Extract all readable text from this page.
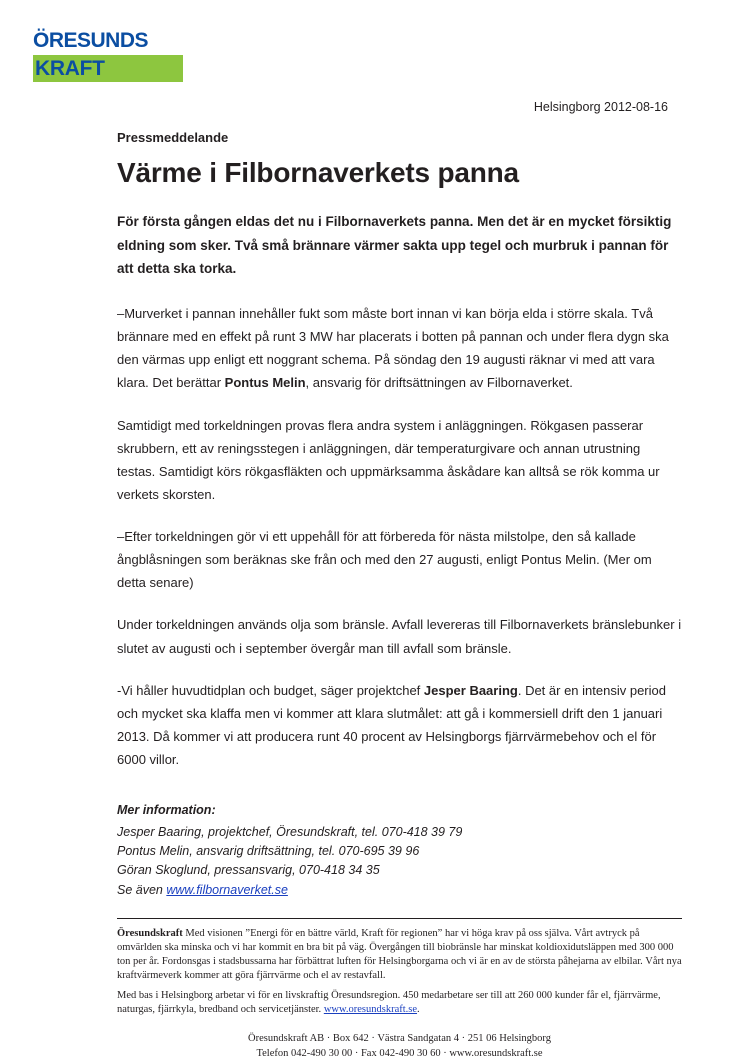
ÖRESUNDS
KRAFT
Helsingborg 2012-08-16
Pressmeddelande
Värme i Filbornaverkets panna

För första gången eldas det nu i Filbornaverkets panna. Men det är en mycket försiktig eldning som sker. Två små brännare värmer sakta upp tegel och murbruk i pannan för att detta ska torka.

–Murverket i pannan innehåller fukt som måste bort innan vi kan börja elda i större skala. Två brännare med en effekt på runt 3 MW har placerats i botten på pannan och under flera dygn ska den värmas upp enligt ett noggrant schema. På söndag den 19 augusti räknar vi med att vara klara. Det berättar Pontus Melin, ansvarig för driftsättningen av Filbornaverket.

Samtidigt med torkeldningen provas flera andra system i anläggningen. Rökgasen passerar skrubbern, ett av reningsstegen i anläggningen, där temperaturgivare och annan utrustning testas. Samtidigt körs rökgasfläkten och uppmärksamma åskådare kan alltså se rök komma ur verkets skorsten.

–Efter torkeldningen gör vi ett uppehåll för att förbereda för nästa milstolpe, den så kallade ångblåsningen som beräknas ske från och med den 27 augusti, enligt Pontus Melin. (Mer om detta senare)

Under torkeldningen används olja som bränsle. Avfall levereras till Filbornaverkets bränslebunker i slutet av augusti och i september övergår man till avfall som bränsle.

-Vi håller huvudtidplan och budget, säger projektchef Jesper Baaring. Det är en intensiv period och mycket ska klaffa men vi kommer att klara slutmålet: att gå i kommersiell drift den 1 januari 2013. Då kommer vi att producera runt 40 procent av Helsingborgs fjärrvärmebehov och el för 6000 villor.

Mer information:
Jesper Baaring, projektchef, Öresundskraft, tel. 070-418 39 79
Pontus Melin, ansvarig driftsättning, tel. 070-695 39 96
Göran Skoglund, pressansvarig, 070-418 34 35
Se även www.filbornaverket.se

Öresundskraft Med visionen ”Energi för en bättre värld, Kraft för regionen” har vi höga krav på oss själva. Vårt avtryck på omvärlden ska minska och vi har kommit en bra bit på väg. Övergången till biobränsle har minskat koldioxidutsläppen med 300 000 ton per år. Fordonsgas i stadsbussarna har förbättrat luften för Helsingborgarna och vi är en av de största påhejarna av elbilar. Vårt nya kraftvärmeverk kommer att göra fjärrvärme och el av restavfall.

Med bas i Helsingborg arbetar vi för en livskraftig Öresundsregion. 450 medarbetare ser till att 260 000 kunder får el, fjärrvärme, naturgas, fjärrkyla, bredband och servicetjänster. www.oresundskraft.se.

Öresundskraft AB · Box 642 · Västra Sandgatan 4 · 251 06 Helsingborg
Telefon 042-490 30 00 · Fax 042-490 30 60 · www.oresundskraft.se
